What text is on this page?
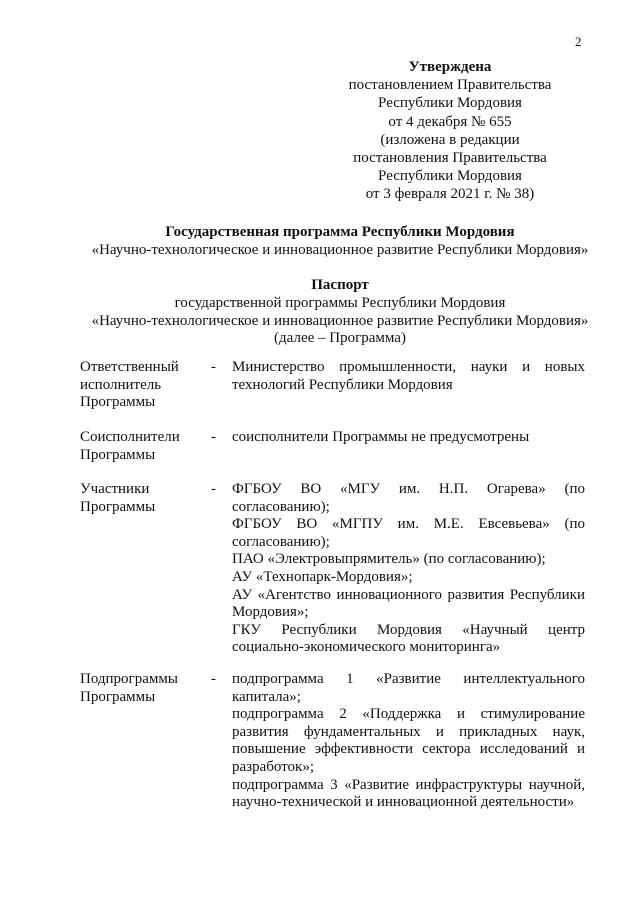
2
Утверждена
постановлением Правительства
Республики Мордовия
от 4 декабря № 655
(изложена в редакции
постановления Правительства
Республики Мордовия
от 3 февраля 2021 г. № 38)
Государственная программа Республики Мордовия
«Научно-технологическое и инновационное развитие Республики Мордовия»
Паспорт
государственной программы Республики Мордовия
«Научно-технологическое и инновационное развитие Республики Мордовия»
(далее – Программа)
Ответственный
исполнитель
Программы
- Министерство промышленности, науки и новых технологий Республики Мордовия

Соисполнители
Программы
- соисполнители Программы не предусмотрены

Участники
Программы
- ФГБОУ ВО «МГУ им. Н.П. Огарева» (по согласованию);

ФГБОУ ВО «МГПУ им. М.Е. Евсевьева» (по согласованию);

ПАО «Электровыпрямитель» (по согласованию);

АУ «Технопарк-Мордовия»;

АУ «Агентство инновационного развития Республики Мордовия»;

ГКУ Республики Мордовия «Научный центр социально-экономического мониторинга»

Подпрограммы
Программы
- подпрограмма 1 «Развитие интеллектуального капитала»;

подпрограмма 2 «Поддержка и стимулирование развития фундаментальных и прикладных наук, повышение эффективности сектора исследований и разработок»;

подпрограмма 3 «Развитие инфраструктуры научной, научно-технической и инновационной деятельности»
